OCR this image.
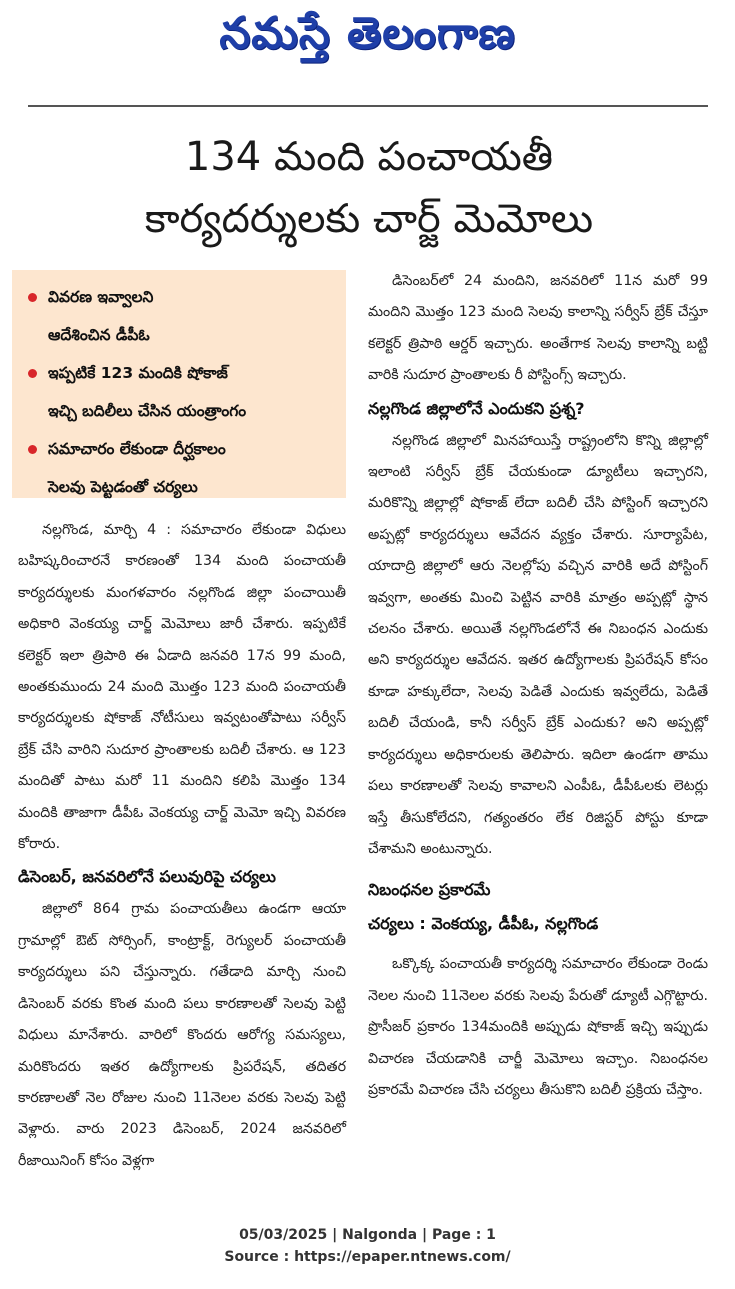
నమస్తే తెలంగాణ
134 మంది పంచాయతీ
కార్యదర్శులకు చార్జ్‌ మెమోలు
వివరణ ఇవ్వాలని
ఆదేశించిన డీపీఓ
ఇప్పటికే 123 మందికి షోకాజ్‌
ఇచ్చి బదిలీలు చేసిన యంత్రాంగం
సమాచారం లేకుండా దీర్ఘకాలం
సెలవు పెట్టడంతో చర్యలు

నల్లగొండ, మార్చి 4 : సమాచారం లేకుండా విధులు బహిష్కరించారనే కారణంతో 134 మంది పంచాయతీ కార్యదర్శులకు మంగళవారం నల్లగొండ జిల్లా పంచాయితీ అధికారి వెంకయ్య చార్జ్‌ మెమోలు జారీ చేశారు. ఇప్పటికే కలెక్టర్‌ ఇలా త్రిపాఠి ఈ ఏడాది జనవరి 17న 99 మంది, అంతకుముందు 24 మంది మొత్తం 123 మంది పంచాయతీ కార్యదర్శులకు షోకాజ్‌ నోటీసులు ఇవ్వటంతోపాటు సర్వీస్‌ బ్రేక్‌ చేసి వారిని సుదూర ప్రాంతాలకు బదిలీ చేశారు. ఆ 123 మందితో పాటు మరో 11 మందిని కలిపి మొత్తం 134 మందికి తాజాగా డీపీఓ వెంకయ్య చార్జ్‌ మెమో ఇచ్చి వివరణ కోరారు.

డిసెంబర్‌, జనవరిలోనే పలువురిపై చర్యలు

జిల్లాలో 864 గ్రామ పంచాయతీలు ఉండగా ఆయా గ్రామాల్లో ఔట్‌ సోర్సింగ్‌, కాంట్రాక్ట్‌, రెగ్యులర్‌ పంచాయతీ కార్యదర్శులు పని చేస్తున్నారు. గతేడాది మార్చి నుంచి డిసెంబర్‌ వరకు కొంత మంది పలు కారణాలతో సెలవు పెట్టి విధులు మానేశారు. వారిలో కొందరు ఆరోగ్య సమస్యలు, మరికొందరు ఇతర ఉద్యోగాలకు ప్రిపరేషన్‌, తదితర కారణాలతో నెల రోజుల నుంచి 11నెలల వరకు సెలవు పెట్టి వెళ్లారు. వారు 2023 డిసెంబర్‌, 2024 జనవరిలో రీజాయినింగ్‌ కోసం వెళ్లగా

డిసెంబర్‌లో 24 మందిని, జనవరిలో 11న మరో 99 మందిని మొత్తం 123 మంది సెలవు కాలాన్ని సర్వీస్‌ బ్రేక్‌ చేస్తూ కలెక్టర్‌ త్రిపాఠి ఆర్డర్‌ ఇచ్చారు. అంతేగాక సెలవు కాలాన్ని బట్టి వారికి సుదూర ప్రాంతాలకు రీ పోస్టింగ్స్‌ ఇచ్చారు.

నల్లగొండ జిల్లాలోనే ఎందుకని ప్రశ్న?

నల్లగొండ జిల్లాలో మినహాయిస్తే రాష్ట్రంలోని కొన్ని జిల్లాల్లో ఇలాంటి సర్వీస్‌ బ్రేక్‌ చేయకుండా డ్యూటీలు ఇచ్చారని, మరికొన్ని జిల్లాల్లో షోకాజ్‌ లేదా బదిలీ చేసి పోస్టింగ్‌ ఇచ్చారని అప్పట్లో కార్యదర్శులు ఆవేదన వ్యక్తం చేశారు. సూర్యాపేట, యాదాద్రి జిల్లాలో ఆరు నెలల్లోపు వచ్చిన వారికి అదే పోస్టింగ్‌ ఇవ్వగా, అంతకు మించి పెట్టిన వారికి మాత్రం అప్పట్లో స్థాన చలనం చేశారు. అయితే నల్లగొండలోనే ఈ నిబంధన ఎందుకు అని కార్యదర్శుల ఆవేదన. ఇతర ఉద్యోగాలకు ప్రిపరేషన్‌ కోసం కూడా హక్కులేదా, సెలవు పెడితే ఎందుకు ఇవ్వలేదు, పెడితే బదిలీ చేయండి, కానీ సర్వీస్‌ బ్రేక్‌ ఎందుకు? అని అప్పట్లో కార్యదర్శులు అధికారులకు తెలిపారు. ఇదిలా ఉండగా తాము పలు కారణాలతో సెలవు కావాలని ఎంపీఓ, డీపీఓలకు లెటర్లు ఇస్తే తీసుకోలేదని, గత్యంతరం లేక రిజిస్టర్‌ పోస్టు కూడా చేశామని అంటున్నారు.

నిబంధనల ప్రకారమే

చర్యలు : వెంకయ్య, డీపీఓ, నల్లగొండ

ఒక్కొక్క పంచాయతీ కార్యదర్శి సమాచారం లేకుండా రెండు నెలల నుంచి 11నెలల వరకు సెలవు పేరుతో డ్యూటీ ఎగ్గొట్టారు. ప్రొసీజర్‌ ప్రకారం 134మందికి అప్పుడు షోకాజ్‌ ఇచ్చి ఇప్పుడు విచారణ చేయడానికి చార్జీ మెమోలు ఇచ్చాం. నిబంధనల ప్రకారమే విచారణ చేసి చర్యలు తీసుకొని బదిలీ ప్రక్రియ చేస్తాం.

05/03/2025 | Nalgonda | Page : 1
Source : https://epaper.ntnews.com/
